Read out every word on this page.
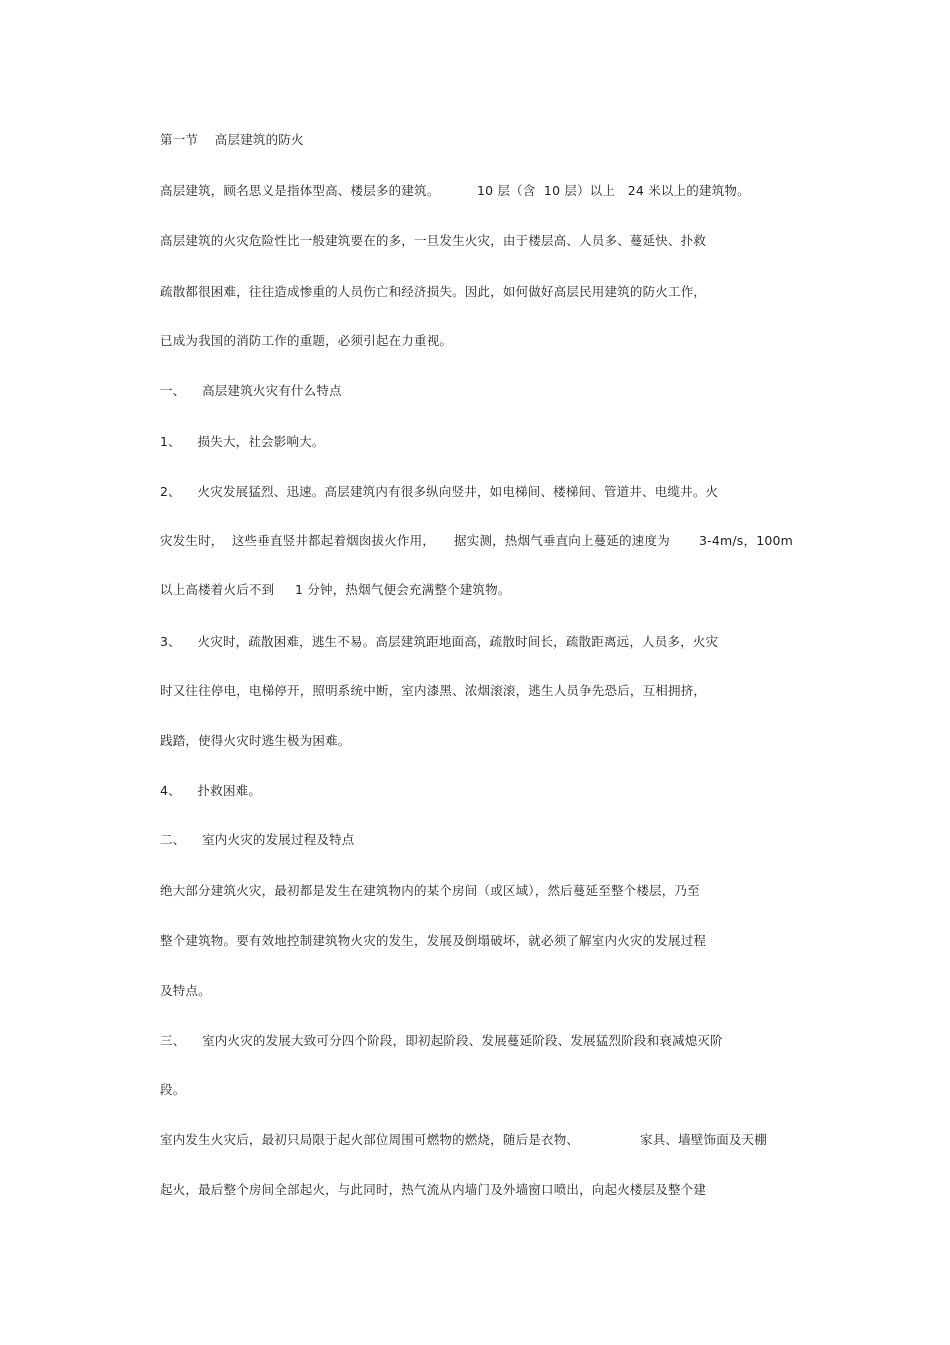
第一节    高层建筑的防火

高层建筑，顾名思义是指体型高、楼层多的建筑。

	10 层（含  10 层）以上   24 米以上的建筑物。

高层建筑的火灾危险性比一般建筑要在的多，一旦发生火灾，由于楼层高、人员多、蔓延快、扑救
疏散都很困难，往往造成惨重的人员伤亡和经济损失。因此，如何做好高层民用建筑的防火工作，
已成为我国的消防工作的重题，必须引起在力重视。
一、    高层建筑火灾有什么特点
1、    损失大，社会影响大。
2、    火灾发展猛烈、迅速。高层建筑内有很多纵向竖井，如电梯间、楼梯间、管道井、电缆井。火

灾发生时，  这些垂直竖井都起着烟囱拔火作用，

据实测，热烟气垂直向上蔓延的速度为

3-4m/s，100m

以上高楼着火后不到

1 分钟，热烟气便会充满整个建筑物。

3、    火灾时，疏散困难，逃生不易。高层建筑距地面高，疏散时间长，疏散距离远，人员多，火灾
时又往往停电，电梯停开，照明系统中断，室内漆黑、浓烟滚滚，逃生人员争先恐后，互相拥挤，
践踏，使得火灾时逃生极为困难。
4、    扑救困难。
二、    室内火灾的发展过程及特点
绝大部分建筑火灾，最初都是发生在建筑物内的某个房间（或区域），然后蔓延至整个楼层，乃至
整个建筑物。要有效地控制建筑物火灾的发生，发展及倒塌破坏，就必须了解室内火灾的发展过程
及特点。
三、    室内火灾的发展大致可分四个阶段，即初起阶段、发展蔓延阶段、发展猛烈阶段和衰减熄灭阶
段。

室内发生火灾后，最初只局限于起火部位周围可燃物的燃烧，随后是衣物、

	家具、墙壁饰面及天棚

起火，最后整个房间全部起火，与此同时，热气流从内墙门及外墙窗口喷出，向起火楼层及整个建
